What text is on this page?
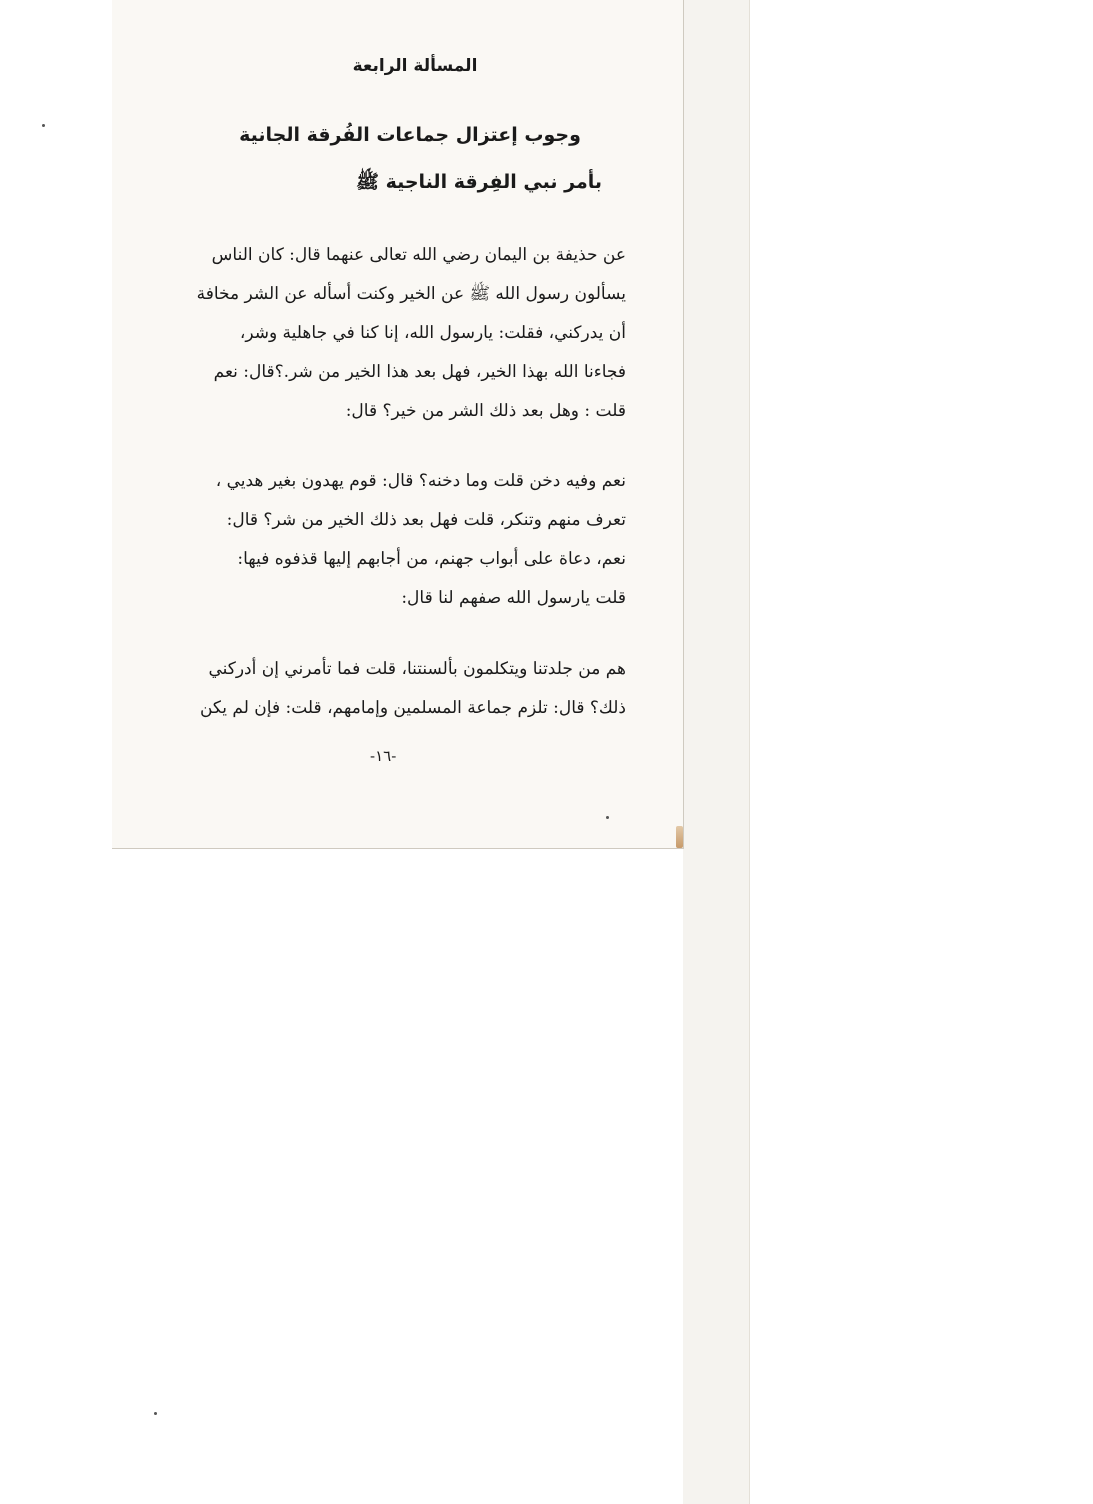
المسألة الرابعة
وجوب إعتزال جماعات الفُرقة الجانية
بأمر نبي الفِرقة الناجية ﷺ
عن حذيفة بن اليمان رضي الله تعالى عنهما قال: كان الناس
يسألون رسول الله ﷺ عن الخير وكنت أسأله عن الشر مخافة
أن يدركني، فقلت: يارسول الله، إنا كنا في جاهلية وشر،
فجاءنا الله بهذا الخير، فهل بعد هذا الخير من شر.؟قال: نعم
قلت : وهل بعد ذلك الشر من خير؟ قال:
نعم وفيه دخن قلت وما دخنه؟ قال: قوم يهدون بغير هديي ،
تعرف منهم وتنكر، قلت فهل بعد ذلك الخير من شر؟ قال:
نعم، دعاة على أبواب جهنم، من أجابهم إليها قذفوه فيها:
قلت يارسول الله صفهم لنا قال:
هم من جلدتنا ويتكلمون بألسنتنا، قلت فما تأمرني إن أدركني
ذلك؟ قال: تلزم جماعة المسلمين وإمامهم، قلت: فإن لم يكن
-١٦-
